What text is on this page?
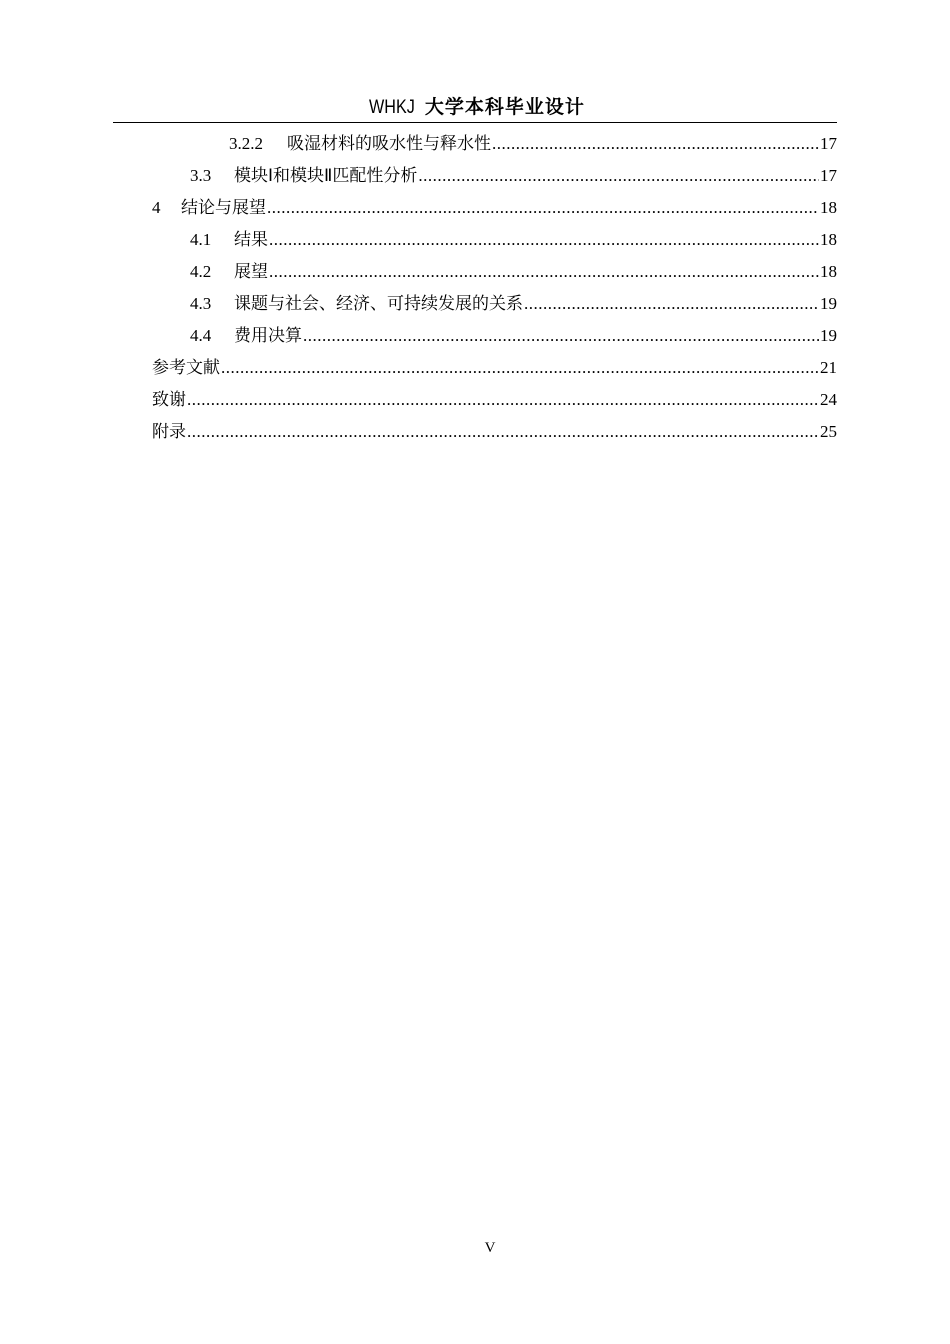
WHKJ 大学本科毕业设计
3.2.2	吸湿材料的吸水性与释水性 .....	17
3.3	模块Ⅰ和模块Ⅱ匹配性分析 .....	17
4	结论与展望 .....	18
4.1	结果 .....	18
4.2	展望 .....	18
4.3	课题与社会、经济、可持续发展的关系 .....	19
4.4	费用决算 .....	19
参考文献 .....	21
致谢 .....	24
附录 .....	25
V
